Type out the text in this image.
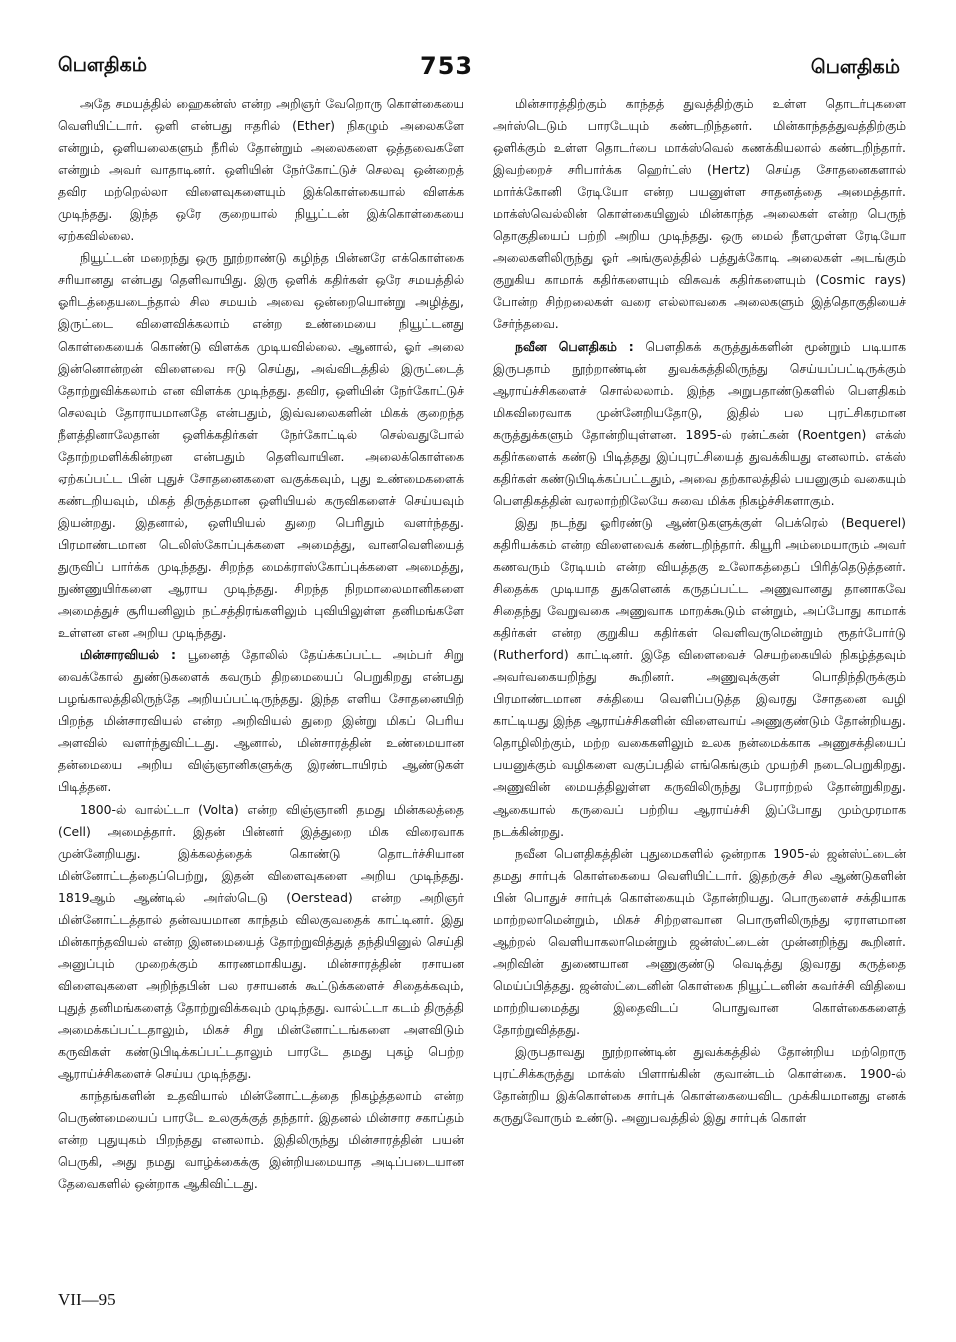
பௌதிகம்	753	பௌதிகம்

அதே சமயத்தில் ஹைகன்ஸ் என்ற அறிஞர் வேறொரு கொள்கையை வெளியிட்டார். ஒளி என்பது ஈதரில் (Ether) நிகழும் அலைகளே என்றும், ஒளியலைகளும் நீரில் தோன்றும் அலைகளை ஒத்தவைகளே என்றும் அவர் வாதாடினர். ஒளியின் நேர்கோட்டுச் செலவு ஒன்றைத் தவிர மற்றெல்லா விளைவுகளையும் இக்கொள்கையால் விளக்க முடிந்தது. இந்த ஒரே குறையால் நியூட்டன் இக்கொள்கையை ஏற்கவில்லை.

நியூட்டன் மறைந்து ஒரு நூற்றாண்டு கழிந்த பின்னரே எக்கொள்கை சரியானது என்பது தெளிவாயிது. இரு ஒளிக் கதிர்கள் ஒரே சமயத்தில் ஓரிடத்தையடைந்தால் சில சமயம் அவை ஒன்றையொன்று அழித்து, இருட்டை விளைவிக்கலாம் என்ற உண்மையை நியூட்டனது கொள்கையைக் கொண்டு விளக்க முடியவில்லை. ஆனால், ஓர் அலை இன்னொன்றன் விளைவை ஈடு செய்து, அவ்விடத்தில் இருட்டைத் தோற்றுவிக்கலாம் என விளக்க முடிந்தது. தவிர, ஒளியின் நேர்கோட்டுச் செலவும் தோராயமானதே என்பதும், இவ்வலைகளின் மிகக் குறைந்த நீளத்தினாலேதான் ஒளிக்கதிர்கள் நேர்கோட்டில் செல்வதுபோல் தோற்றமளிக்கின்றன என்பதும் தெளிவாயின. அலைக்கொள்கை ஏற்கப்பட்ட பின் புதுச் சோதனைகளை வகுக்கவும், புது உண்மைகளைக் கண்டறியவும், மிகத் திருத்தமான ஒளியியல் கருவிகளைச் செய்யவும் இயன்றது. இதனால், ஒளியியல் துறை பெரிதும் வளர்ந்தது. பிரமாண்டமான டெலிஸ்கோப்புக்களை அமைத்து, வானவெளியைத் துருவிப் பார்க்க முடிந்தது. சிறந்த மைக்ராஸ்கோப்புக்களை அமைத்து, நுண்ணுயிர்களை ஆராய முடிந்தது. சிறந்த நிறமாலைமானிகளை அமைத்துச் சூரியனிலும் நட்சத்திரங்களிலும் புவியிலுள்ள தனிமங்களே உள்ளன என அறிய முடிந்தது.

மின்சாரவியல் : பூனைத் தோலில் தேய்க்கப்பட்ட அம்பர் சிறு வைக்கோல் துண்டுகளைக் கவரும் திறமையைப் பெறுகிறது என்பது பழங்காலத்திலிருந்தே அறியப்பட்டிருந்தது. இந்த எளிய சோதனையிற் பிறந்த மின்சாரவியல் என்ற அறிவியல் துறை இன்று மிகப் பெரிய அளவில் வளர்ந்துவிட்டது. ஆனால், மின்சாரத்தின் உண்மையான தன்மையை அறிய விஞ்ஞானிகளுக்கு இரண்டாயிரம் ஆண்டுகள் பிடித்தன.

1800-ல் வால்ட்டா (Volta) என்ற விஞ்ஞானி தமது மின்கலத்தை (Cell) அமைத்தார். இதன் பின்னர் இத்துறை மிக விரைவாக முன்னேறியது. இக்கலத்தைக் கொண்டு தொடர்ச்சியான மின்னோட்டத்தைப்பெற்று, இதன் விளைவுகளை அறிய முடிந்தது. 1819ஆம் ஆண்டில் அர்ஸ்டெடு (Oerstead) என்ற அறிஞர் மின்னோட்டத்தால் தன்வயமான காந்தம் விலகுவதைக் காட்டினர். இது மின்காந்தவியல் என்ற இனமையைத் தோற்றுவித்துத் தந்தியினுல் செய்தி அனுப்பும் முறைக்கும் காரணமாகியது. மின்சாரத்தின் ரசாயன விளைவுகளை அறிந்தபின் பல ரசாயனக் கூட்டுக்களைச் சிதைக்கவும், புதுத் தனிமங்களைத் தோற்றுவிக்கவும் முடிந்தது. வால்ட்டா கடம் திருத்தி அமைக்கப்பட்டதாலும், மிகச் சிறு மின்னோட்டங்களை அளவிடும் கருவிகள் கண்டுபிடிக்கப்பட்டதாலும் பாரடே தமது புகழ் பெற்ற ஆராய்ச்சிகளைச் செய்ய முடிந்தது.

காந்தங்களின் உதவியால் மின்னோட்டத்தை நிகழ்த்தலாம் என்ற பெருண்மையைப் பாரடே உலகுக்குத் தந்தார். இதனல் மின்சார சகாப்தம் என்ற புதுயுகம் பிறந்தது எனலாம். இதிலிருந்து மின்சாரத்தின் பயன் பெருகி, அது நமது வாழ்க்கைக்கு இன்றியமையாத அடிப்படையான தேவைகளில் ஒன்றாக ஆகிவிட்டது.

மின்சாரத்திற்கும் காந்தத் துவத்திற்கும் உள்ள தொடர்புகளை அர்ஸ்டெடும் பாரடேயும் கண்டறிந்தனர். மின்காந்தத்துவத்திற்கும் ஒளிக்கும் உள்ள தொடர்பை மாக்ஸ்வெல் கணக்கியலால் கண்டறிந்தார். இவற்றைச் சரிபார்க்க ஹெர்ட்ஸ் (Hertz) செய்த சோதனைகளால் மார்க்கோனி ரேடியோ என்ற பயனுள்ள சாதனத்தை அமைத்தார். மாக்ஸ்வெல்லின் கொள்கையினுல் மின்காந்த அலைகள் என்ற பெருந் தொகுதியைப் பற்றி அறிய முடிந்தது. ஒரு மைல் நீளமுள்ள ரேடியோ அலைகளிலிருந்து ஓர் அங்குலத்தில் பத்துக்கோடி அலைகள் அடங்கும் குறுகிய காமாக் கதிர்களையும் விசுவக் கதிர்களையும் (Cosmic rays) போன்ற சிற்றலைகள் வரை எல்லாவகை அலைகளும் இத்தொகுதியைச் சேர்ந்தவை.

நவீன பௌதிகம் : பௌதிகக் கருத்துக்களின் மூன்றும் படியாக இருபதாம் நூற்றாண்டின் துவக்கத்திலிருந்து செய்யப்பட்டிருக்கும் ஆராய்ச்சிகளைச் சொல்லலாம். இந்த அறுபதாண்டுகளில் பௌதிகம் மிகவிரைவாக முன்னேறியதோடு, இதில் பல புரட்சிகரமான கருத்துக்களும் தோன்றியுள்ளன. 1895-ல் ரன்ட்கன் (Roentgen) எக்ஸ் கதிர்களைக் கண்டு பிடித்தது இப்புரட்சியைத் துவக்கியது எனலாம். எக்ஸ் கதிர்கள் கண்டுபிடிக்கப்பட்டதும், அவை தற்காலத்தில் பயனுகும் வகையும் பௌதிகத்தின் வரலாற்றிலேயே சுவை மிக்க நிகழ்ச்சிகளாகும்.

இது நடந்து ஓரிரண்டு ஆண்டுகளுக்குள் பெக்ரெல் (Bequerel) கதிரியக்கம் என்ற விளைவைக் கண்டறிந்தார். கியூரி அம்மையாரும் அவர் கணவரும் ரேடியம் என்ற வியத்தகு உலோகத்தைப் பிரித்தெடுத்தனர். சிதைக்க முடியாத துகளெனக் கருதப்பட்ட அணுவானது தானாகவே சிதைந்து வேறுவகை அணுவாக மாறக்கூடும் என்றும், அப்போது காமாக் கதிர்கள் என்ற குறுகிய கதிர்கள் வெளிவருமென்றும் ரூதர்போர்டு (Rutherford) காட்டினர். இதே விளைவைச் செயற்கையில் நிகழ்த்தவும் அவர்வகையறிந்து கூறினர். அணுவுக்குள் பொதிந்திருக்கும் பிரமாண்டமான சக்தியை வெளிப்படுத்த இவரது சோதனை வழி காட்டியது இந்த ஆராய்ச்சிகளின் விளைவாய் அணுகுண்டும் தோன்றியது. தொழிலிற்கும், மற்ற வகைகளிலும் உலக நன்மைக்காக அணுசக்தியைப் பயனுக்கும் வழிகளை வகுப்பதில் எங்கெங்கும் முயற்சி நடைபெறுகிறது. அணுவின் மையத்திலுள்ள கருவிலிருந்து பேராற்றல் தோன்றுகிறது. ஆகையால் கருவைப் பற்றிய ஆராய்ச்சி இப்போது மும்முரமாக நடக்கின்றது.

நவீன பௌதிகத்தின் புதுமைகளில் ஒன்றாக 1905-ல் ஜன்ஸ்ட்டைன் தமது சார்புக் கொள்கையை வெளியிட்டார். இதற்குச் சில ஆண்டுகளின் பின் பொதுச் சார்புக் கொள்கையும் தோன்றியது. பொருளைச் சக்தியாக மாற்றலாமென்றும், மிகச் சிற்றளவான பொருளிலிருந்து ஏராளமான ஆற்றல் வெளியாகலாமென்றும் ஜன்ஸ்ட்டைன் முன்னறிந்து கூறினர். அறிவின் துணையான அணுகுண்டு வெடித்து இவரது கருத்தை மெய்ப்பித்தது. ஜன்ஸ்ட்டைனின் கொள்கை நியூட்டனின் கவர்ச்சி விதியை மாற்றியமைத்து இதைவிடப் பொதுவான கொள்கைகளைத் தோற்றுவித்தது.

இருபதாவது நூற்றாண்டின் துவக்கத்தில் தோன்றிய மற்றொரு புரட்சிக்கருத்து மாக்ஸ் பிளாங்கின் குவான்டம் கொள்கை. 1900-ல் தோன்றிய இக்கொள்கை சார்புக் கொள்கையைவிட முக்கியமானது எனக் கருதுவோரும் உண்டு. அனுபவத்தில் இது சார்புக் கொள்

VII—95
